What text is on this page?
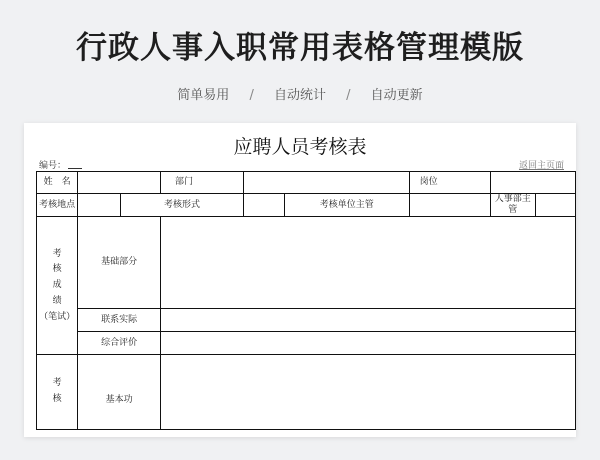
行政人事入职常用表格管理模版
简单易用 / 自动统计 / 自动更新
应聘人员考核表
编号：	返回主页面
姓　名			部门			岗位		
考核地点		考核形式			考核单位主管		人事部主管	

考
核
成
绩
（笔试）	基础部分							
	联系实际							
	综合评价							

考
核	基本功							
